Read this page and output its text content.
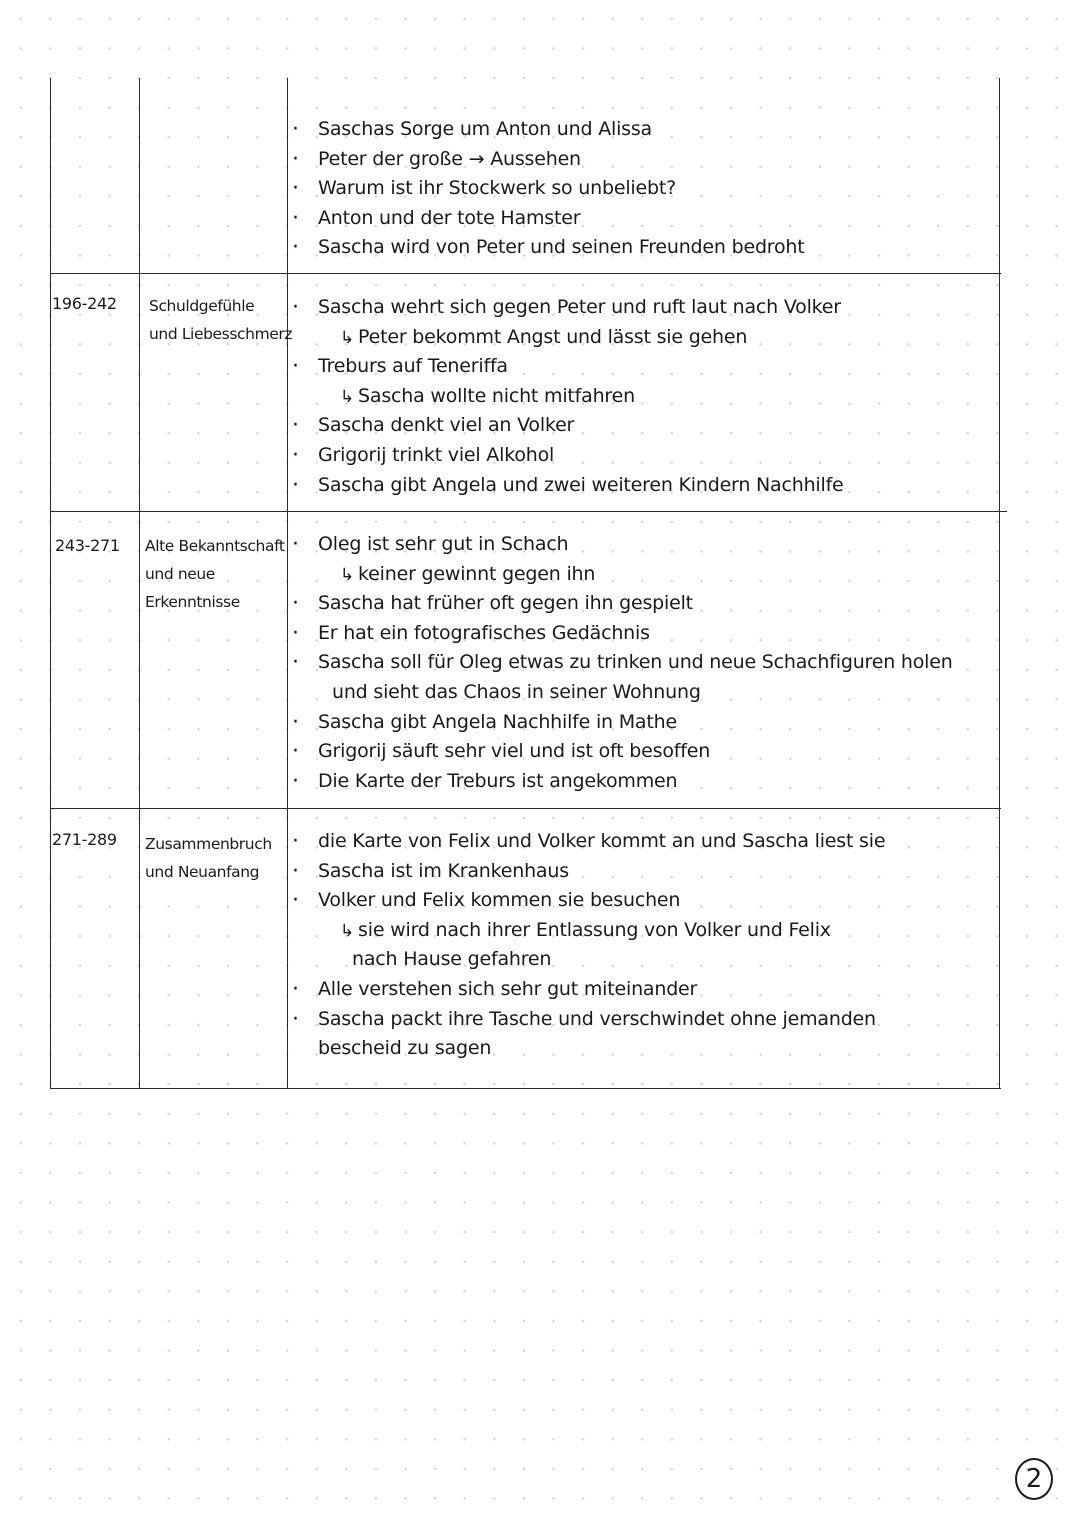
· Saschas Sorge um Anton und Alissa
· Peter der große → Aussehen
· Warum ist ihr Stockwerk so unbeliebt?
· Anton und der tote Hamster
· Sascha wird von Peter und seinen Freunden bedroht
196-242 Schuldgefühle
und Liebesschmerz
· Sascha wehrt sich gegen Peter und ruft laut nach Volker
↳ Peter bekommt Angst und lässt sie gehen
· Treburs auf Teneriffa
↳ Sascha wollte nicht mitfahren
· Sascha denkt viel an Volker
· Grigorij trinkt viel Alkohol
· Sascha gibt Angela und zwei weiteren Kindern Nachhilfe
243-271 Alte Bekanntschaft
und neue
Erkenntnisse
· Oleg ist sehr gut in Schach
↳ keiner gewinnt gegen ihn
· Sascha hat früher oft gegen ihn gespielt
· Er hat ein fotografisches Gedächnis
· Sascha soll für Oleg etwas zu trinken und neue Schachfiguren holen
und sieht das Chaos in seiner Wohnung
· Sascha gibt Angela Nachhilfe in Mathe
· Grigorij säuft sehr viel und ist oft besoffen
· Die Karte der Treburs ist angekommen
271-289 Zusammenbruch
und Neuanfang
· die Karte von Felix und Volker kommt an und Sascha liest sie
· Sascha ist im Krankenhaus
· Volker und Felix kommen sie besuchen
↳ sie wird nach ihrer Entlassung von Volker und Felix
nach Hause gefahren
· Alle verstehen sich sehr gut miteinander
· Sascha packt ihre Tasche und verschwindet ohne jemanden
bescheid zu sagen
2
